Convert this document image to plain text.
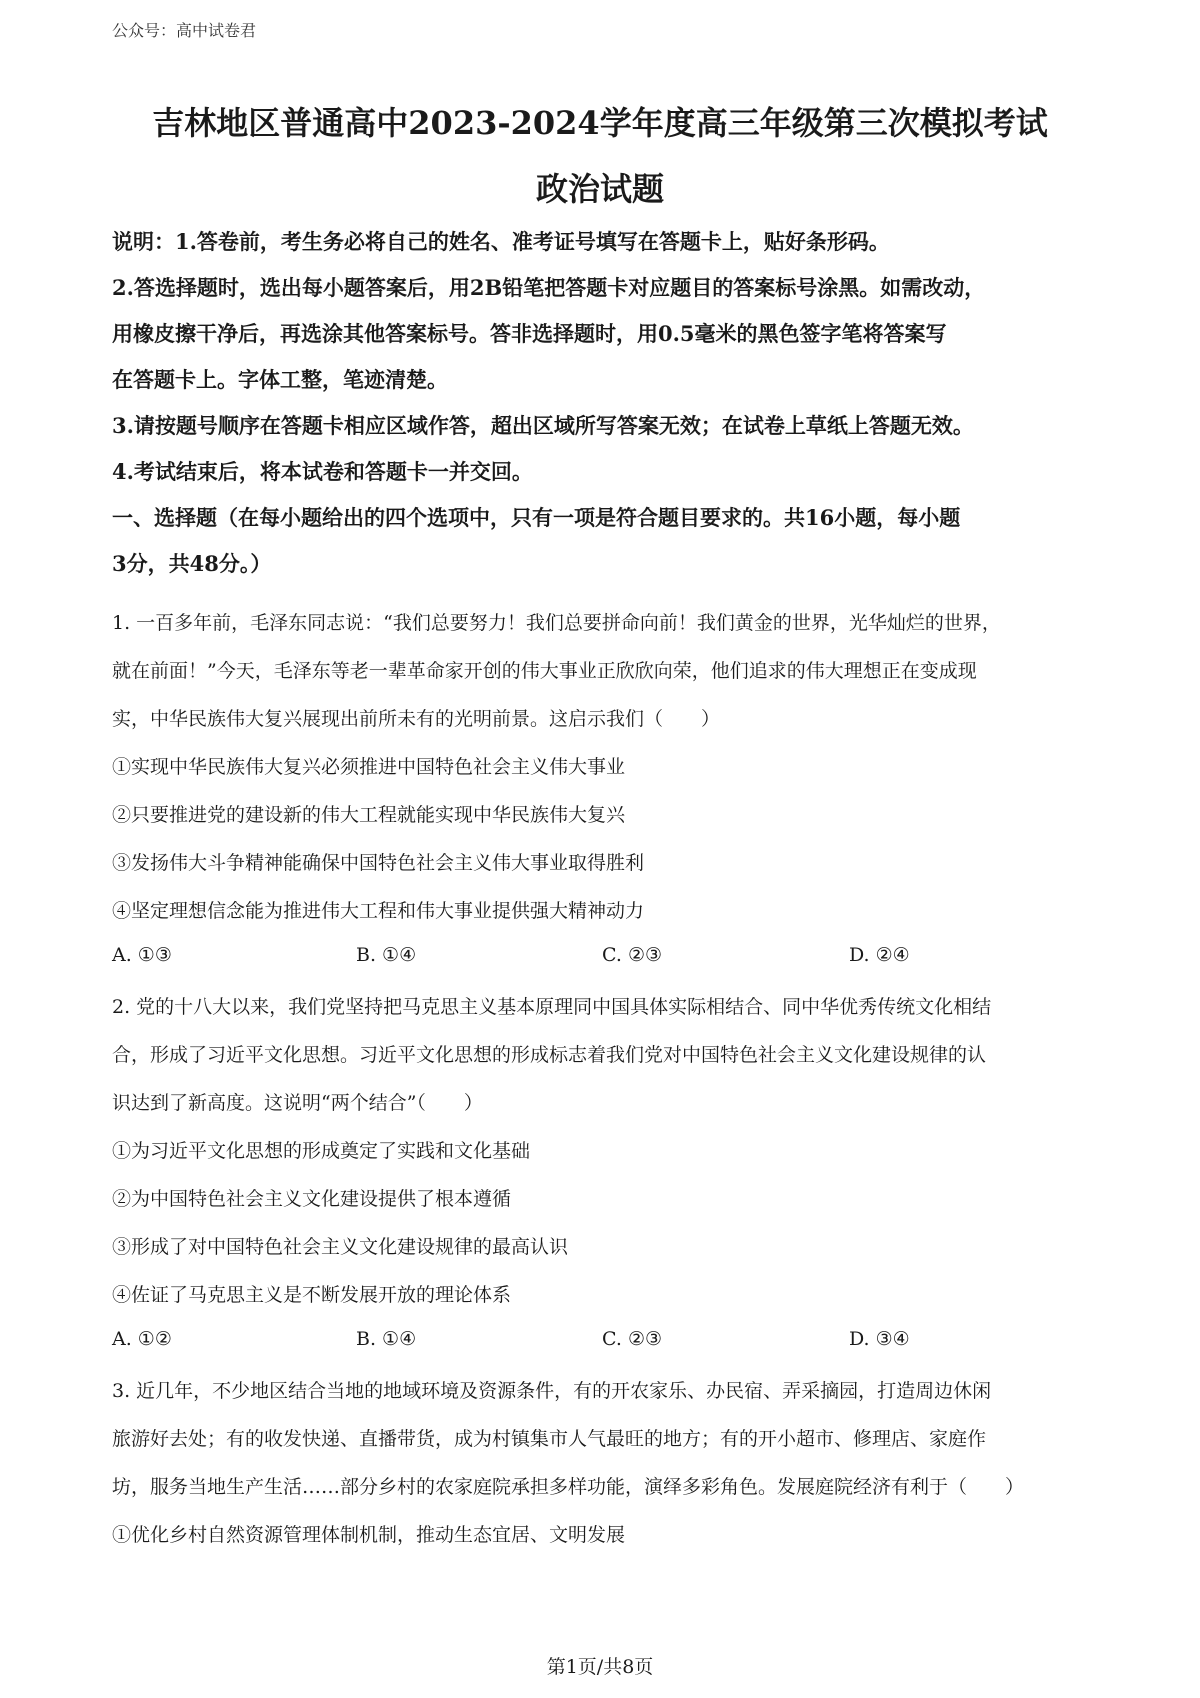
公众号：高中试卷君
吉林地区普通高中2023-2024学年度高三年级第三次模拟考试
政治试题
说明：1.答卷前，考生务必将自己的姓名、准考证号填写在答题卡上，贴好条形码。
2.答选择题时，选出每小题答案后，用2B铅笔把答题卡对应题目的答案标号涂黑。如需改动，
用橡皮擦干净后，再选涂其他答案标号。答非选择题时，用0.5毫米的黑色签字笔将答案写
在答题卡上。字体工整，笔迹清楚。
3.请按题号顺序在答题卡相应区域作答，超出区域所写答案无效；在试卷上草纸上答题无效。
4.考试结束后，将本试卷和答题卡一并交回。
一、选择题（在每小题给出的四个选项中，只有一项是符合题目要求的。共16小题，每小题
3分，共48分。）
1. 一百多年前，毛泽东同志说：“我们总要努力！我们总要拼命向前！我们黄金的世界，光华灿烂的世界，
就在前面！”今天，毛泽东等老一辈革命家开创的伟大事业正欣欣向荣，他们追求的伟大理想正在变成现
实，中华民族伟大复兴展现出前所未有的光明前景。这启示我们（　　）
①实现中华民族伟大复兴必须推进中国特色社会主义伟大事业
②只要推进党的建设新的伟大工程就能实现中华民族伟大复兴
③发扬伟大斗争精神能确保中国特色社会主义伟大事业取得胜利
④坚定理想信念能为推进伟大工程和伟大事业提供强大精神动力
A. ①③	B. ①④	C. ②③	D. ②④
2. 党的十八大以来，我们党坚持把马克思主义基本原理同中国具体实际相结合、同中华优秀传统文化相结
合，形成了习近平文化思想。习近平文化思想的形成标志着我们党对中国特色社会主义文化建设规律的认
识达到了新高度。这说明“两个结合”（　　）
①为习近平文化思想的形成奠定了实践和文化基础
②为中国特色社会主义文化建设提供了根本遵循
③形成了对中国特色社会主义文化建设规律的最高认识
④佐证了马克思主义是不断发展开放的理论体系
A. ①②	B. ①④	C. ②③	D. ③④
3. 近几年，不少地区结合当地的地域环境及资源条件，有的开农家乐、办民宿、弄采摘园，打造周边休闲
旅游好去处；有的收发快递、直播带货，成为村镇集市人气最旺的地方；有的开小超市、修理店、家庭作
坊，服务当地生产生活……部分乡村的农家庭院承担多样功能，演绎多彩角色。发展庭院经济有利于（　　）
①优化乡村自然资源管理体制机制，推动生态宜居、文明发展
第1页/共8页
